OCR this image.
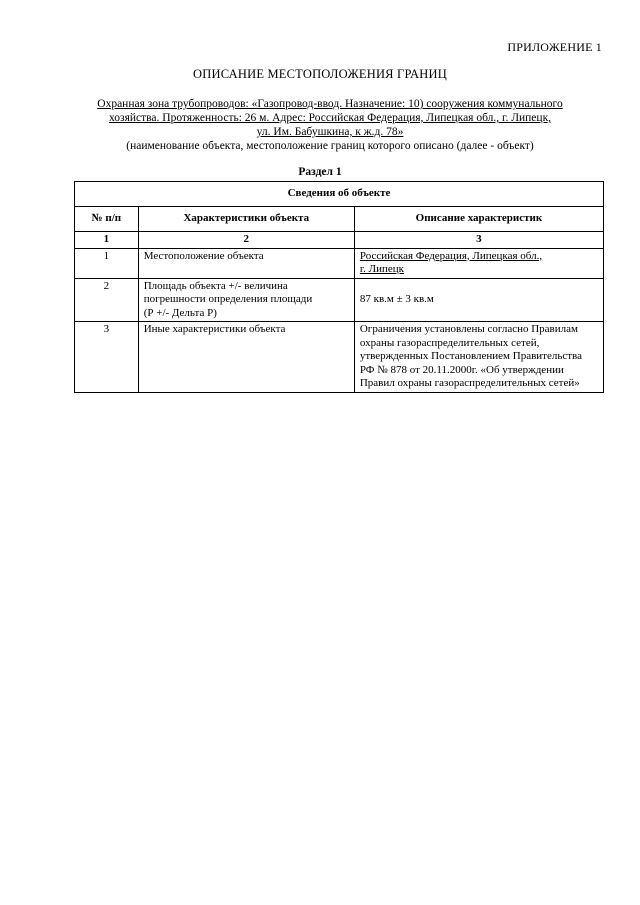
ПРИЛОЖЕНИЕ 1
ОПИСАНИЕ МЕСТОПОЛОЖЕНИЯ ГРАНИЦ
Охранная зона трубопроводов: «Газопровод-ввод. Назначение: 10) сооружения коммунального
хозяйства. Протяженность: 26 м. Адрес: Российская Федерация, Липецкая обл., г. Липецк,
ул. Им. Бабушкина, к ж.д. 78»
(наименование объекта, местоположение границ которого описано (далее - объект)
Раздел 1
Сведения об объекте		
№ п/п	Характеристики объекта	Описание характеристик
1	2	3
1	Местоположение объекта	Российская Федерация, Липецкая обл.,
г. Липецк
2	Площадь объекта +/- величина
погрешности определения площади
(Р +/- Дельта Р)	87 кв.м ± 3 кв.м
3	Иные характеристики объекта	Ограничения установлены согласно Правилам охраны газораспределительных сетей, утвержденных Постановлением Правительства РФ № 878 от 20.11.2000г. «Об утверждении Правил охраны газораспределительных сетей»
